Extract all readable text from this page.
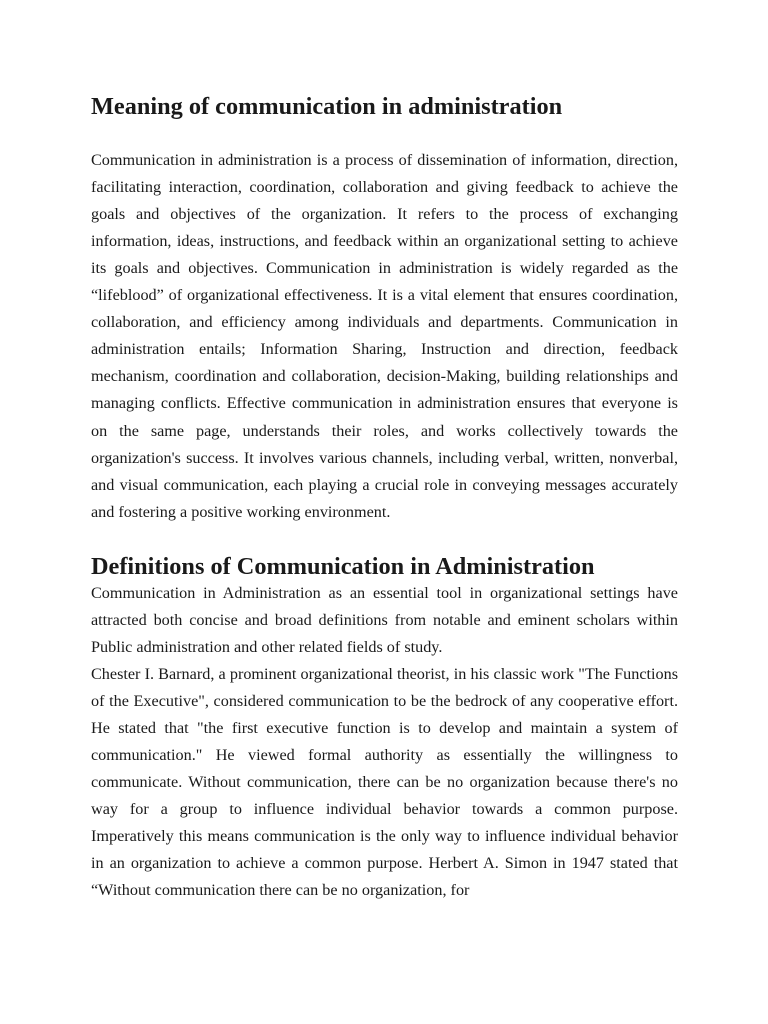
Meaning of communication in administration

Communication in administration is a process of dissemination of information, direction, facilitating interaction, coordination, collaboration and giving feedback to achieve the goals and objectives of the organization. It refers to the process of exchanging information, ideas, instructions, and feedback within an organizational setting to achieve its goals and objectives. Communication in administration is widely regarded as the “lifeblood” of organizational effectiveness. It is a vital element that ensures coordination, collaboration, and efficiency among individuals and departments. Communication in administration entails; Information Sharing, Instruction and direction, feedback mechanism, coordination and collaboration, decision-Making, building relationships and managing conflicts. Effective communication in administration ensures that everyone is on the same page, understands their roles, and works collectively towards the organization's success. It involves various channels, including verbal, written, nonverbal, and visual communication, each playing a crucial role in conveying messages accurately and fostering a positive working environment.

Definitions of Communication in Administration

Communication in Administration as an essential tool in organizational settings have attracted both concise and broad definitions from notable and eminent scholars within Public administration and other related fields of study.

Chester I. Barnard, a prominent organizational theorist, in his classic work "The Functions of the Executive", considered communication to be the bedrock of any cooperative effort. He stated that "the first executive function is to develop and maintain a system of communication." He viewed formal authority as essentially the willingness to communicate. Without communication, there can be no organization because there's no way for a group to influence individual behavior towards a common purpose. Imperatively this means communication is the only way to influence individual behavior in an organization to achieve a common purpose. Herbert A. Simon in 1947 stated that “Without communication there can be no organization, for
